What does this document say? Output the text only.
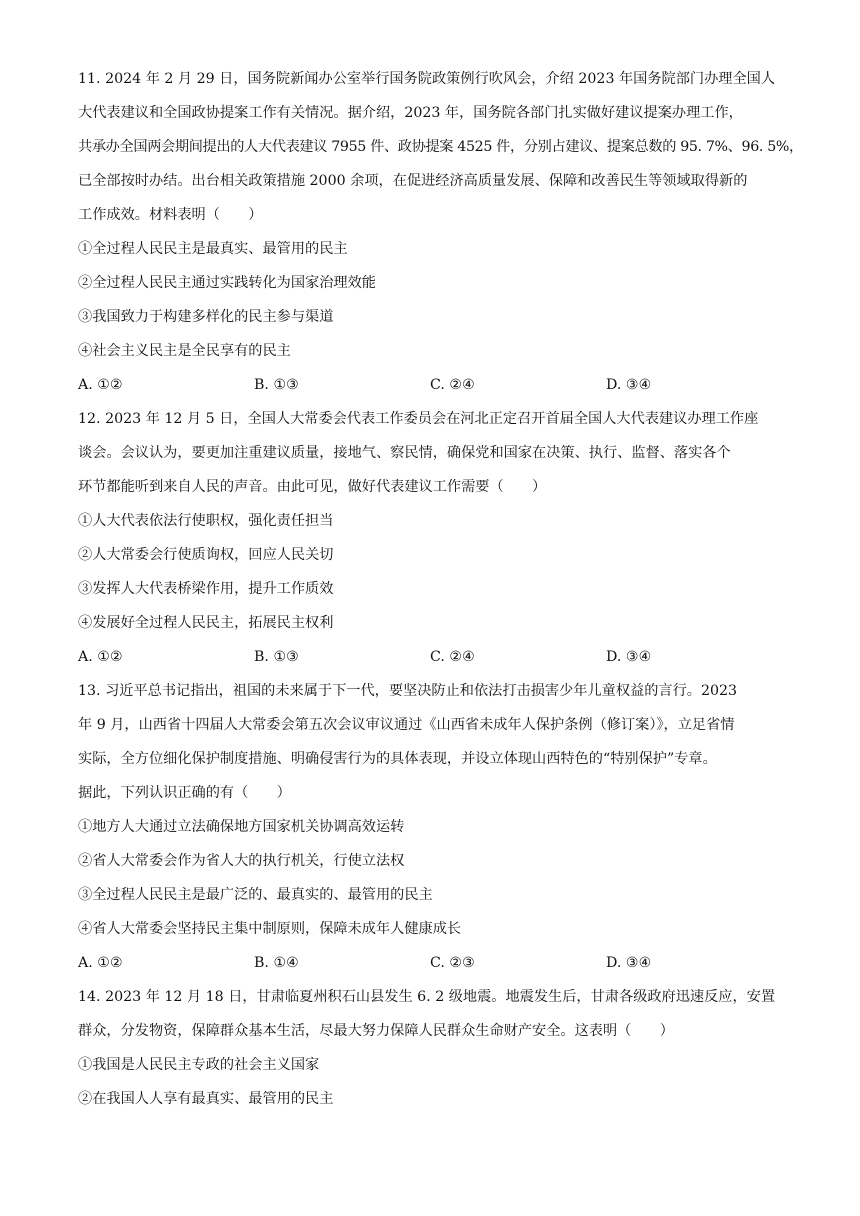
11. 2024 年 2 月 29 日，国务院新闻办公室举行国务院政策例行吹风会，介绍 2023 年国务院部门办理全国人
大代表建议和全国政协提案工作有关情况。据介绍，2023 年，国务院各部门扎实做好建议提案办理工作，
共承办全国两会期间提出的人大代表建议 7955 件、政协提案 4525 件，分别占建议、提案总数的 95. 7%、96. 5%，
已全部按时办结。出台相关政策措施 2000 余项，在促进经济高质量发展、保障和改善民生等领域取得新的
工作成效。材料表明（　　）
①全过程人民民主是最真实、最管用的民主
②全过程人民民主通过实践转化为国家治理效能
③我国致力于构建多样化的民主参与渠道
④社会主义民主是全民享有的民主
A. ①②	B. ①③	C. ②④	D. ③④
12. 2023 年 12 月 5 日，全国人大常委会代表工作委员会在河北正定召开首届全国人大代表建议办理工作座
谈会。会议认为，要更加注重建议质量，接地气、察民情，确保党和国家在决策、执行、监督、落实各个
环节都能听到来自人民的声音。由此可见，做好代表建议工作需要（　　）
①人大代表依法行使职权，强化责任担当
②人大常委会行使质询权，回应人民关切
③发挥人大代表桥梁作用，提升工作质效
④发展好全过程人民民主，拓展民主权利
A. ①②	B. ①③	C. ②④	D. ③④
13. 习近平总书记指出，祖国的未来属于下一代，要坚决防止和依法打击损害少年儿童权益的言行。2023
年 9 月，山西省十四届人大常委会第五次会议审议通过《山西省未成年人保护条例（修订案）》，立足省情
实际，全方位细化保护制度措施、明确侵害行为的具体表现，并设立体现山西特色的“特别保护”专章。
据此，下列认识正确的有（　　）
①地方人大通过立法确保地方国家机关协调高效运转
②省人大常委会作为省人大的执行机关，行使立法权
③全过程人民民主是最广泛的、最真实的、最管用的民主
④省人大常委会坚持民主集中制原则，保障未成年人健康成长
A. ①②	B. ①④	C. ②③	D. ③④
14. 2023 年 12 月 18 日，甘肃临夏州积石山县发生 6. 2 级地震。地震发生后，甘肃各级政府迅速反应，安置
群众，分发物资，保障群众基本生活，尽最大努力保障人民群众生命财产安全。这表明（　　）
①我国是人民民主专政的社会主义国家
②在我国人人享有最真实、最管用的民主
